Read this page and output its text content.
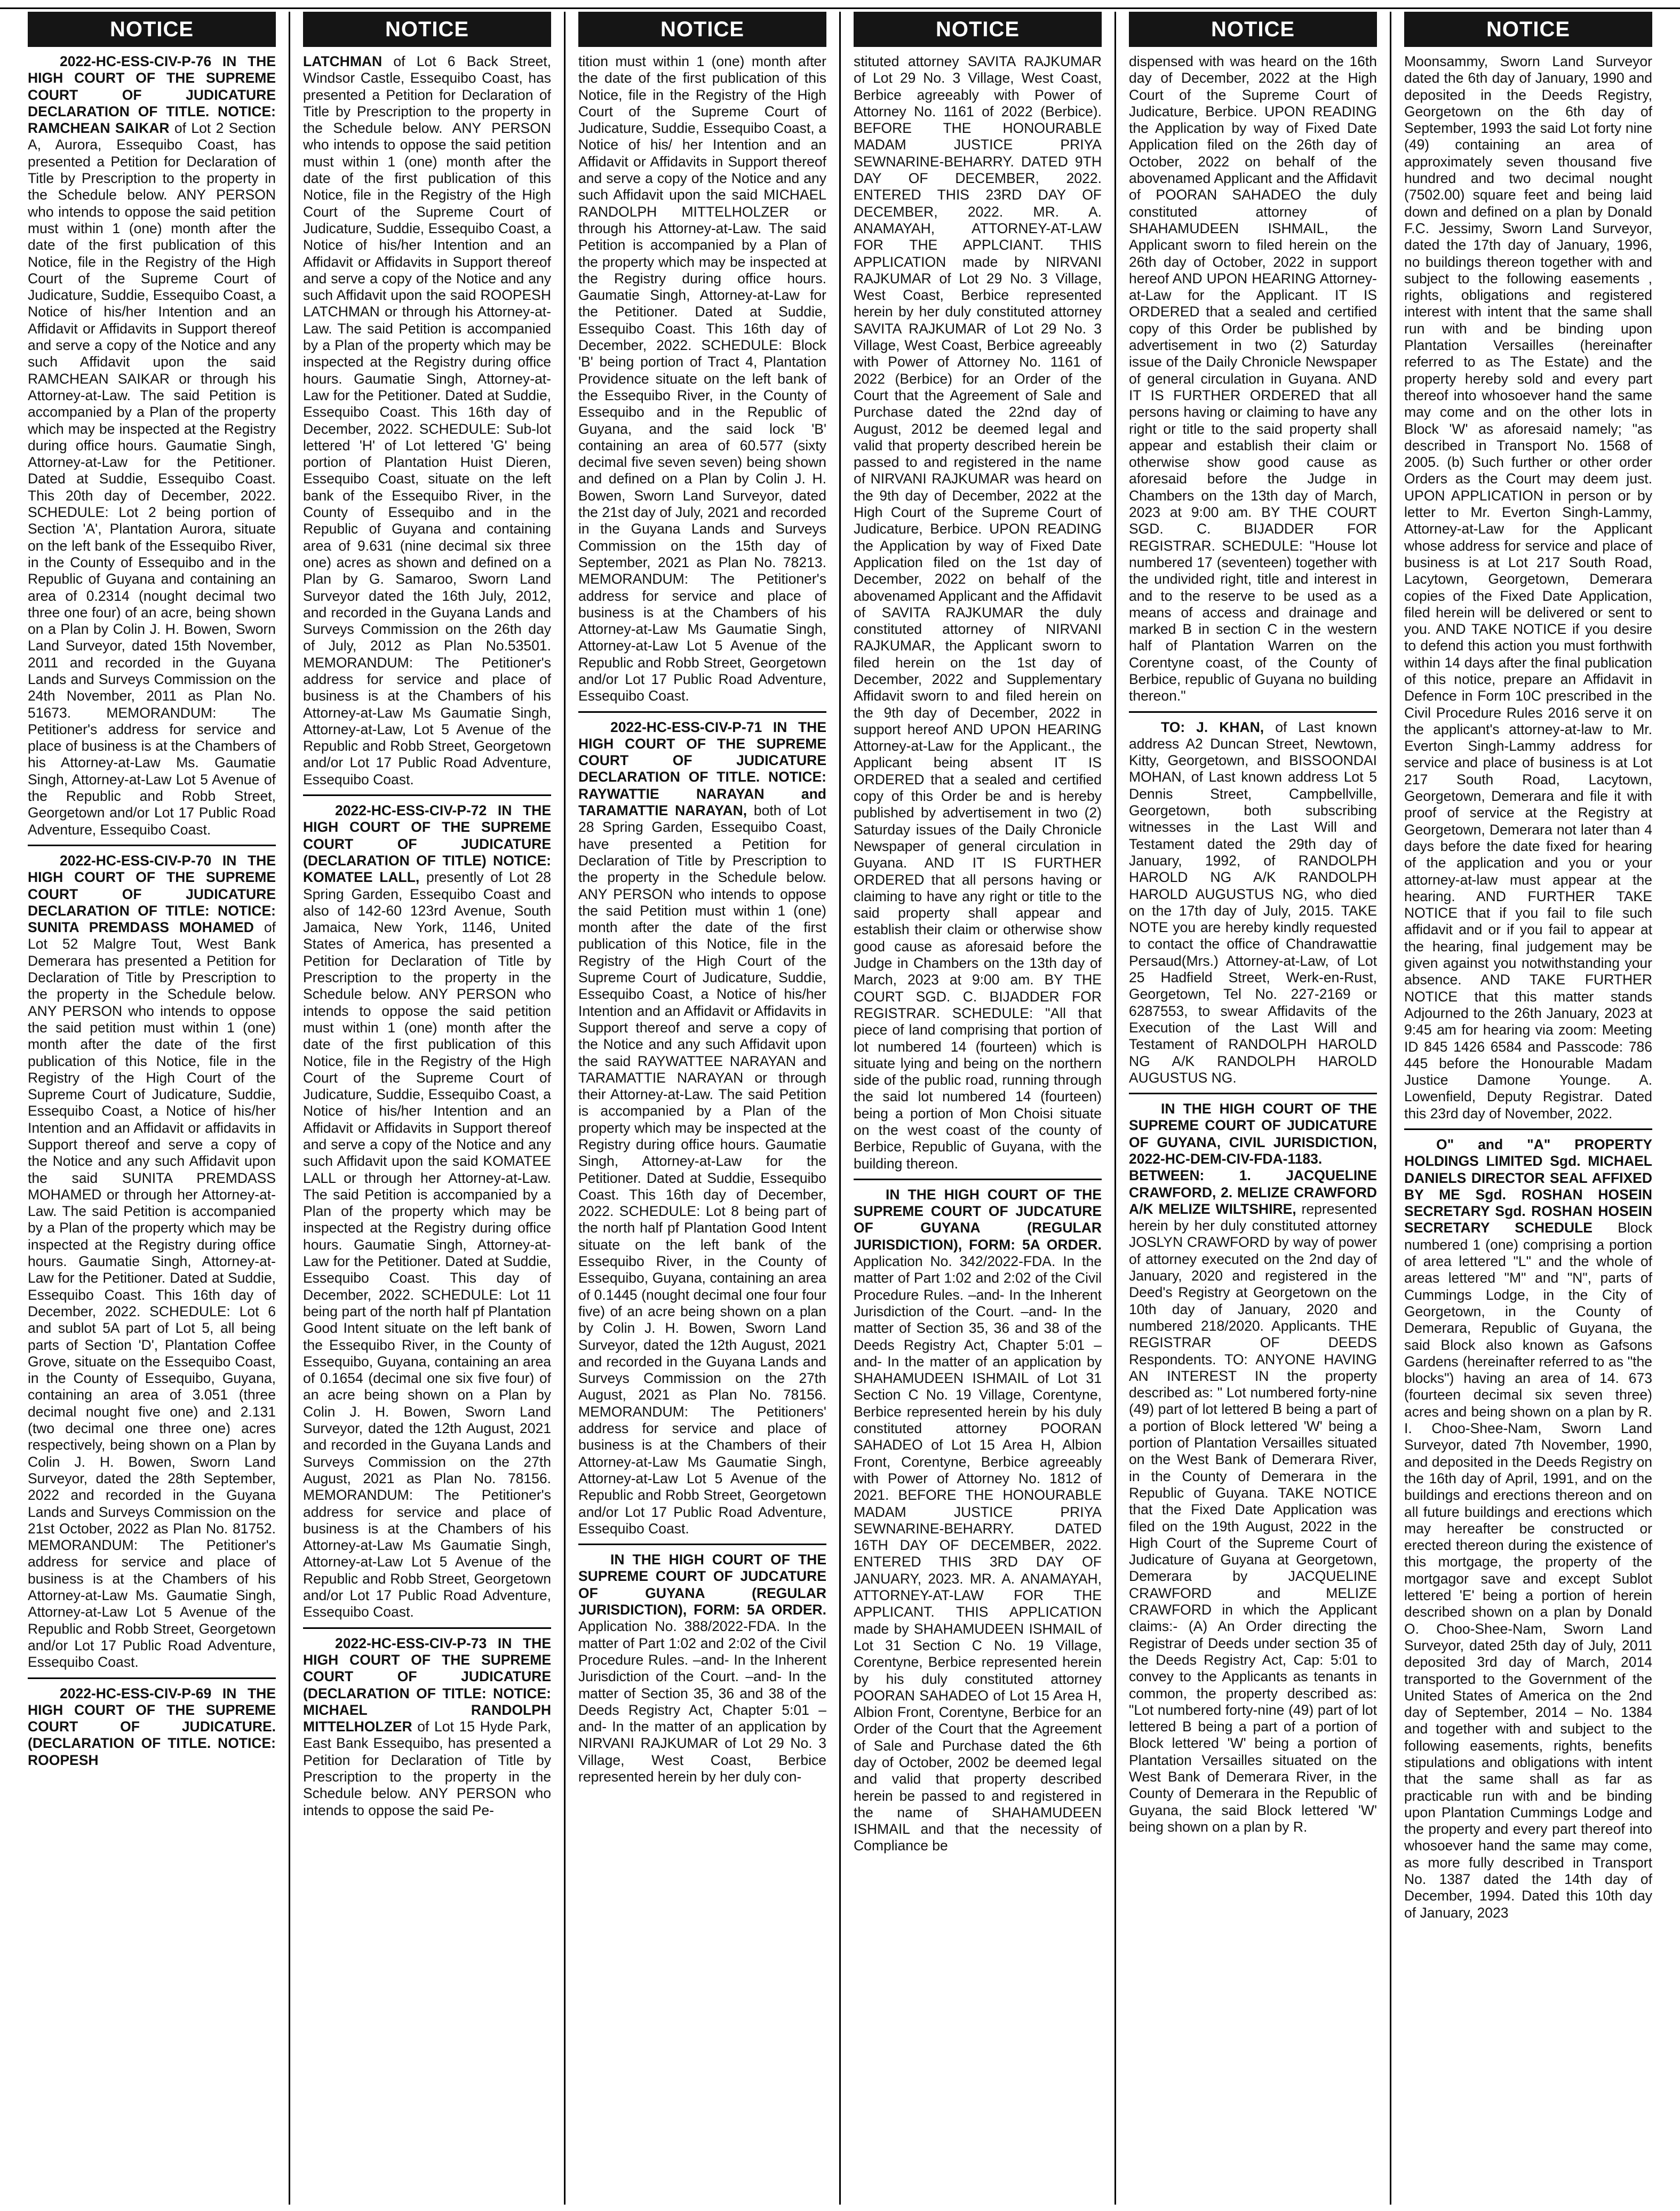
NOTICE

2022-HC-ESS-CIV-P-76 IN THE HIGH COURT OF THE SUPREME COURT OF JUDICATURE DECLARATION OF TITLE. NOTICE: RAMCHEAN SAIKAR of Lot 2 Section A, Aurora, Essequibo Coast, has presented a Petition for Declaration of Title by Prescription to the property in the Schedule below. ANY PERSON who intends to oppose the said petition must within 1 (one) month after the date of the first publication of this Notice, file in the Registry of the High Court of the Supreme Court of Judicature, Suddie, Essequibo Coast, a Notice of his/her Intention and an Affidavit or Affidavits in Support thereof and serve a copy of the Notice and any such Affidavit upon the said RAMCHEAN SAIKAR or through his Attorney-at-Law. The said Petition is accompanied by a Plan of the property which may be inspected at the Registry during office hours. Gaumatie Singh, Attorney-at-Law for the Petitioner. Dated at Suddie, Essequibo Coast. This 20th day of December, 2022. SCHEDULE: Lot 2 being portion of Section 'A', Plantation Aurora, situate on the left bank of the Essequibo River, in the County of Essequibo and in the Republic of Guyana and containing an area of 0.2314 (nought decimal two three one four) of an acre, being shown on a Plan by Colin J. H. Bowen, Sworn Land Surveyor, dated 15th November, 2011 and recorded in the Guyana Lands and Surveys Commission on the 24th November, 2011 as Plan No. 51673. MEMORANDUM: The Petitioner's address for service and place of business is at the Chambers of his Attorney-at-Law Ms. Gaumatie Singh, Attorney-at-Law Lot 5 Avenue of the Republic and Robb Street, Georgetown and/or Lot 17 Public Road Adventure, Essequibo Coast.

2022-HC-ESS-CIV-P-70 IN THE HIGH COURT OF THE SUPREME COURT OF JUDICATURE DECLARATION OF TITLE: NOTICE: SUNITA PREMDASS MOHAMED of Lot 52 Malgre Tout, West Bank Demerara has presented a Petition for Declaration of Title by Prescription to the property in the Schedule below. ANY PERSON who intends to oppose the said petition must within 1 (one) month after the date of the first publication of this Notice, file in the Registry of the High Court of the Supreme Court of Judicature, Suddie, Essequibo Coast, a Notice of his/her Intention and an Affidavit or affidavits in Support thereof and serve a copy of the Notice and any such Affidavit upon the said SUNITA PREMDASS MOHAMED or through her Attorney-at-Law. The said Petition is accompanied by a Plan of the property which may be inspected at the Registry during office hours. Gaumatie Singh, Attorney-at-Law for the Petitioner. Dated at Suddie, Essequibo Coast. This 16th day of December, 2022. SCHEDULE: Lot 6 and sublot 5A part of Lot 5, all being parts of Section 'D', Plantation Coffee Grove, situate on the Essequibo Coast, in the County of Essequibo, Guyana, containing an area of 3.051 (three decimal nought five one) and 2.131 (two decimal one three one) acres respectively, being shown on a Plan by Colin J. H. Bowen, Sworn Land Surveyor, dated the 28th September, 2022 and recorded in the Guyana Lands and Surveys Commission on the 21st October, 2022 as Plan No. 81752. MEMORANDUM: The Petitioner's address for service and place of business is at the Chambers of his Attorney-at-Law Ms. Gaumatie Singh, Attorney-at-Law Lot 5 Avenue of the Republic and Robb Street, Georgetown and/or Lot 17 Public Road Adventure, Essequibo Coast.

2022-HC-ESS-CIV-P-69 IN THE HIGH COURT OF THE SUPREME COURT OF JUDICATURE.(DECLARATION OF TITLE. NOTICE: ROOPESH

NOTICE

LATCHMAN of Lot 6 Back Street, Windsor Castle, Essequibo Coast, has presented a Petition for Declaration of Title by Prescription to the property in the Schedule below. ANY PERSON who intends to oppose the said petition must within 1 (one) month after the date of the first publication of this Notice, file in the Registry of the High Court of the Supreme Court of Judicature, Suddie, Essequibo Coast, a Notice of his/her Intention and an Affidavit or Affidavits in Support thereof and serve a copy of the Notice and any such Affidavit upon the said ROOPESH LATCHMAN or through his Attorney-at-Law. The said Petition is accompanied by a Plan of the property which may be inspected at the Registry during office hours. Gaumatie Singh, Attorney-at-Law for the Petitioner. Dated at Suddie, Essequibo Coast. This 16th day of December, 2022. SCHEDULE: Sub-lot lettered 'H' of Lot lettered 'G' being portion of Plantation Huist Dieren, Essequibo Coast, situate on the left bank of the Essequibo River, in the County of Essequibo and in the Republic of Guyana and containing area of 9.631 (nine decimal six three one) acres as shown and defined on a Plan by G. Samaroo, Sworn Land Surveyor dated the 16th July, 2012, and recorded in the Guyana Lands and Surveys Commission on the 26th day of July, 2012 as Plan No.53501. MEMORANDUM: The Petitioner's address for service and place of business is at the Chambers of his Attorney-at-Law Ms Gaumatie Singh, Attorney-at-Law, Lot 5 Avenue of the Republic and Robb Street, Georgetown and/or Lot 17 Public Road Adventure, Essequibo Coast.

2022-HC-ESS-CIV-P-72 IN THE HIGH COURT OF THE SUPREME COURT OF JUDICATURE (DECLARATION OF TITLE) NOTICE: KOMATEE LALL, presently of Lot 28 Spring Garden, Essequibo Coast and also of 142-60 123rd Avenue, South Jamaica, New York, 1146, United States of America, has presented a Petition for Declaration of Title by Prescription to the property in the Schedule below. ANY PERSON who intends to oppose the said petition must within 1 (one) month after the date of the first publication of this Notice, file in the Registry of the High Court of the Supreme Court of Judicature, Suddie, Essequibo Coast, a Notice of his/her Intention and an Affidavit or Affidavits in Support thereof and serve a copy of the Notice and any such Affidavit upon the said KOMATEE LALL or through her Attorney-at-Law. The said Petition is accompanied by a Plan of the property which may be inspected at the Registry during office hours. Gaumatie Singh, Attorney-at-Law for the Petitioner. Dated at Suddie, Essequibo Coast. This day of December, 2022. SCHEDULE: Lot 11 being part of the north half pf Plantation Good Intent situate on the left bank of the Essequibo River, in the County of Essequibo, Guyana, containing an area of 0.1654 (decimal one six five four) of an acre being shown on a Plan by Colin J. H. Bowen, Sworn Land Surveyor, dated the 12th August, 2021 and recorded in the Guyana Lands and Surveys Commission on the 27th August, 2021 as Plan No. 78156. MEMORANDUM: The Petitioner's address for service and place of business is at the Chambers of his Attorney-at-Law Ms Gaumatie Singh, Attorney-at-Law Lot 5 Avenue of the Republic and Robb Street, Georgetown and/or Lot 17 Public Road Adventure, Essequibo Coast.

2022-HC-ESS-CIV-P-73 IN THE HIGH COURT OF THE SUPREME COURT OF JUDICATURE (DECLARATION OF TITLE: NOTICE: MICHAEL RANDOLPH MITTELHOLZER of Lot 15 Hyde Park, East Bank Essequibo, has presented a Petition for Declaration of Title by Prescription to the property in the Schedule below. ANY PERSON who intends to oppose the said Pe-

NOTICE

tition must within 1 (one) month after the date of the first publication of this Notice, file in the Registry of the High Court of the Supreme Court of Judicature, Suddie, Essequibo Coast, a Notice of his/ her Intention and an Affidavit or Affidavits in Support thereof and serve a copy of the Notice and any such Affidavit upon the said MICHAEL RANDOLPH MITTELHOLZER or through his Attorney-at-Law. The said Petition is accompanied by a Plan of the property which may be inspected at the Registry during office hours. Gaumatie Singh, Attorney-at-Law for the Petitioner. Dated at Suddie, Essequibo Coast. This 16th day of December, 2022. SCHEDULE: Block 'B' being portion of Tract 4, Plantation Providence situate on the left bank of the Essequibo River, in the County of Essequibo and in the Republic of Guyana, and the said lock 'B' containing an area of 60.577 (sixty decimal five seven seven) being shown and defined on a Plan by Colin J. H. Bowen, Sworn Land Surveyor, dated the 21st day of July, 2021 and recorded in the Guyana Lands and Surveys Commission on the 15th day of September, 2021 as Plan No. 78213. MEMORANDUM: The Petitioner's address for service and place of business is at the Chambers of his Attorney-at-Law Ms Gaumatie Singh, Attorney-at-Law Lot 5 Avenue of the Republic and Robb Street, Georgetown and/or Lot 17 Public Road Adventure, Essequibo Coast.

2022-HC-ESS-CIV-P-71 IN THE HIGH COURT OF THE SUPREME COURT OF JUDICATURE DECLARATION OF TITLE. NOTICE: RAYWATTIE NARAYAN and TARAMATTIE NARAYAN, both of Lot 28 Spring Garden, Essequibo Coast, have presented a Petition for Declaration of Title by Prescription to the property in the Schedule below. ANY PERSON who intends to oppose the said Petition must within 1 (one) month after the date of the first publication of this Notice, file in the Registry of the High Court of the Supreme Court of Judicature, Suddie, Essequibo Coast, a Notice of his/her Intention and an Affidavit or Affidavits in Support thereof and serve a copy of the Notice and any such Affidavit upon the said RAYWATTEE NARAYAN and TARAMATTIE NARAYAN or through their Attorney-at-Law. The said Petition is accompanied by a Plan of the property which may be inspected at the Registry during office hours. Gaumatie Singh, Attorney-at-Law for the Petitioner. Dated at Suddie, Essequibo Coast. This 16th day of December, 2022. SCHEDULE: Lot 8 being part of the north half pf Plantation Good Intent situate on the left bank of the Essequibo River, in the County of Essequibo, Guyana, containing an area of 0.1445 (nought decimal one four four five) of an acre being shown on a plan by Colin J. H. Bowen, Sworn Land Surveyor, dated the 12th August, 2021 and recorded in the Guyana Lands and Surveys Commission on the 27th August, 2021 as Plan No. 78156. MEMORANDUM: The Petitioners' address for service and place of business is at the Chambers of their Attorney-at-Law Ms Gaumatie Singh, Attorney-at-Law Lot 5 Avenue of the Republic and Robb Street, Georgetown and/or Lot 17 Public Road Adventure, Essequibo Coast.

IN THE HIGH COURT OF THE SUPREME COURT OF JUDCATURE OF GUYANA (REGULAR JURISDICTION), FORM: 5A ORDER. Application No. 388/2022-FDA. In the matter of Part 1:02 and 2:02 of the Civil Procedure Rules. –and- In the Inherent Jurisdiction of the Court. –and- In the matter of Section 35, 36 and 38 of the Deeds Registry Act, Chapter 5:01 –and- In the matter of an application by NIRVANI RAJKUMAR of Lot 29 No. 3 Village, West Coast, Berbice represented herein by her duly con-

NOTICE

stituted attorney SAVITA RAJKUMAR of Lot 29 No. 3 Village, West Coast, Berbice agreeably with Power of Attorney No. 1161 of 2022 (Berbice). BEFORE THE HONOURABLE MADAM JUSTICE PRIYA SEWNARINE-BEHARRY. DATED 9TH DAY OF DECEMBER, 2022. ENTERED THIS 23RD DAY OF DECEMBER, 2022. MR. A. ANAMAYAH, ATTORNEY-AT-LAW FOR THE APPLCIANT. THIS APPLICATION made by NIRVANI RAJKUMAR of Lot 29 No. 3 Village, West Coast, Berbice represented herein by her duly constituted attorney SAVITA RAJKUMAR of Lot 29 No. 3 Village, West Coast, Berbice agreeably with Power of Attorney No. 1161 of 2022 (Berbice) for an Order of the Court that the Agreement of Sale and Purchase dated the 22nd day of August, 2012 be deemed legal and valid that property described herein be passed to and registered in the name of NIRVANI RAJKUMAR was heard on the 9th day of December, 2022 at the High Court of the Supreme Court of Judicature, Berbice. UPON READING the Application by way of Fixed Date Application filed on the 1st day of December, 2022 on behalf of the abovenamed Applicant and the Affidavit of SAVITA RAJKUMAR the duly constituted attorney of NIRVANI RAJKUMAR, the Applicant sworn to filed herein on the 1st day of December, 2022 and Supplementary Affidavit sworn to and filed herein on the 9th day of December, 2022 in support hereof AND UPON HEARING Attorney-at-Law for the Applicant., the Applicant being absent IT IS ORDERED that a sealed and certified copy of this Order be and is hereby published by advertisement in two (2) Saturday issues of the Daily Chronicle Newspaper of general circulation in Guyana. AND IT IS FURTHER ORDERED that all persons having or claiming to have any right or title to the said property shall appear and establish their claim or otherwise show good cause as aforesaid before the Judge in Chambers on the 13th day of March, 2023 at 9:00 am. BY THE COURT SGD. C. BIJADDER FOR REGISTRAR. SCHEDULE: "All that piece of land comprising that portion of lot numbered 14 (fourteen) which is situate lying and being on the northern side of the public road, running through the said lot numbered 14 (fourteen) being a portion of Mon Choisi situate on the west coast of the county of Berbice, Republic of Guyana, with the building thereon.

IN THE HIGH COURT OF THE SUPREME COURT OF JUDCATURE OF GUYANA (REGULAR JURISDICTION), FORM: 5A ORDER. Application No. 342/2022-FDA. In the matter of Part 1:02 and 2:02 of the Civil Procedure Rules. –and- In the Inherent Jurisdiction of the Court. –and- In the matter of Section 35, 36 and 38 of the Deeds Registry Act, Chapter 5:01 –and- In the matter of an application by SHAHAMUDEEN ISHMAIL of Lot 31 Section C No. 19 Village, Corentyne, Berbice represented herein by his duly constituted attorney POORAN SAHADEO of Lot 15 Area H, Albion Front, Corentyne, Berbice agreeably with Power of Attorney No. 1812 of 2021. BEFORE THE HONOURABLE MADAM JUSTICE PRIYA SEWNARINE-BEHARRY. DATED 16TH DAY OF DECEMBER, 2022. ENTERED THIS 3RD DAY OF JANUARY, 2023. MR. A. ANAMAYAH, ATTORNEY-AT-LAW FOR THE APPLICANT. THIS APPLICATION made by SHAHAMUDEEN ISHMAIL of Lot 31 Section C No. 19 Village, Corentyne, Berbice represented herein by his duly constituted attorney POORAN SAHADEO of Lot 15 Area H, Albion Front, Corentyne, Berbice for an Order of the Court that the Agreement of Sale and Purchase dated the 6th day of October, 2002 be deemed legal and valid that property described herein be passed to and registered in the name of SHAHAMUDEEN ISHMAIL and that the necessity of Compliance be

NOTICE

dispensed with was heard on the 16th day of December, 2022 at the High Court of the Supreme Court of Judicature, Berbice. UPON READING the Application by way of Fixed Date Application filed on the 26th day of October, 2022 on behalf of the abovenamed Applicant and the Affidavit of POORAN SAHADEO the duly constituted attorney of SHAHAMUDEEN ISHMAIL, the Applicant sworn to filed herein on the 26th day of October, 2022 in support hereof AND UPON HEARING Attorney-at-Law for the Applicant. IT IS ORDERED that a sealed and certified copy of this Order be published by advertisement in two (2) Saturday issue of the Daily Chronicle Newspaper of general circulation in Guyana. AND IT IS FURTHER ORDERED that all persons having or claiming to have any right or title to the said property shall appear and establish their claim or otherwise show good cause as aforesaid before the Judge in Chambers on the 13th day of March, 2023 at 9:00 am. BY THE COURT SGD. C. BIJADDER FOR REGISTRAR. SCHEDULE: "House lot numbered 17 (seventeen) together with the undivided right, title and interest in and to the reserve to be used as a means of access and drainage and marked B in section C in the western half of Plantation Warren on the Corentyne coast, of the County of Berbice, republic of Guyana no building thereon."

TO: J. KHAN, of Last known address A2 Duncan Street, Newtown, Kitty, Georgetown, and BISSOONDAI MOHAN, of Last known address Lot 5 Dennis Street, Campbellville, Georgetown, both subscribing witnesses in the Last Will and Testament dated the 29th day of January, 1992, of RANDOLPH HAROLD NG A/K RANDOLPH HAROLD AUGUSTUS NG, who died on the 17th day of July, 2015. TAKE NOTE you are hereby kindly requested to contact the office of Chandrawattie Persaud(Mrs.) Attorney-at-Law, of Lot 25 Hadfield Street, Werk-en-Rust, Georgetown, Tel No. 227-2169 or 6287553, to swear Affidavits of the Execution of the Last Will and Testament of RANDOLPH HAROLD NG A/K RANDOLPH HAROLD AUGUSTUS NG.

IN THE HIGH COURT OF THE SUPREME COURT OF JUDICATURE OF GUYANA, CIVIL JURISDICTION, 2022-HC-DEM-CIV-FDA-1183. BETWEEN: 1. JACQUELINE CRAWFORD, 2. MELIZE CRAWFORD A/K MELIZE WILTSHIRE, represented herein by her duly constituted attorney JOSLYN CRAWFORD by way of power of attorney executed on the 2nd day of January, 2020 and registered in the Deed's Registry at Georgetown on the 10th day of January, 2020 and numbered 218/2020. Applicants. THE REGISTRAR OF DEEDS Respondents. TO: ANYONE HAVING AN INTEREST IN the property described as: " Lot numbered forty-nine (49) part of lot lettered B being a part of a portion of Block lettered 'W' being a portion of Plantation Versailles situated on the West Bank of Demerara River, in the County of Demerara in the Republic of Guyana. TAKE NOTICE that the Fixed Date Application was filed on the 19th August, 2022 in the High Court of the Supreme Court of Judicature of Guyana at Georgetown, Demerara by JACQUELINE CRAWFORD and MELIZE CRAWFORD in which the Applicant claims:- (A) An Order directing the Registrar of Deeds under section 35 of the Deeds Registry Act, Cap: 5:01 to convey to the Applicants as tenants in common, the property described as: "Lot numbered forty-nine (49) part of lot lettered B being a part of a portion of Block lettered 'W' being a portion of Plantation Versailles situated on the West Bank of Demerara River, in the County of Demerara in the Republic of Guyana, the said Block lettered 'W' being shown on a plan by R.

NOTICE

Moonsammy, Sworn Land Surveyor dated the 6th day of January, 1990 and deposited in the Deeds Registry, Georgetown on the 6th day of September, 1993 the said Lot forty nine (49) containing an area of approximately seven thousand five hundred and two decimal nought (7502.00) square feet and being laid down and defined on a plan by Donald F.C. Jessimy, Sworn Land Surveyor, dated the 17th day of January, 1996, no buildings thereon together with and subject to the following easements , rights, obligations and registered interest with intent that the same shall run with and be binding upon Plantation Versailles (hereinafter referred to as The Estate) and the property hereby sold and every part thereof into whosoever hand the same may come and on the other lots in Block 'W' as aforesaid namely; "as described in Transport No. 1568 of 2005. (b) Such further or other order Orders as the Court may deem just. UPON APPLICATION in person or by letter to Mr. Everton Singh-Lammy, Attorney-at-Law for the Applicant whose address for service and place of business is at Lot 217 South Road, Lacytown, Georgetown, Demerara copies of the Fixed Date Application, filed herein will be delivered or sent to you. AND TAKE NOTICE if you desire to defend this action you must forthwith within 14 days after the final publication of this notice, prepare an Affidavit in Defence in Form 10C prescribed in the Civil Procedure Rules 2016 serve it on the applicant's attorney-at-law to Mr. Everton Singh-Lammy address for service and place of business is at Lot 217 South Road, Lacytown, Georgetown, Demerara and file it with proof of service at the Registry at Georgetown, Demerara not later than 4 days before the date fixed for hearing of the application and you or your attorney-at-law must appear at the hearing. AND FURTHER TAKE NOTICE that if you fail to file such affidavit and or if you fail to appear at the hearing, final judgement may be given against you notwithstanding your absence. AND TAKE FURTHER NOTICE that this matter stands Adjourned to the 26th January, 2023 at 9:45 am for hearing via zoom: Meeting ID 845 1426 6584 and Passcode: 786 445 before the Honourable Madam Justice Damone Younge. A. Lowenfield, Deputy Registrar. Dated this 23rd day of November, 2022.

O" and "A" PROPERTY HOLDINGS LIMITED Sgd. MICHAEL DANIELS DIRECTOR SEAL AFFIXED BY ME Sgd. ROSHAN HOSEIN SECRETARY Sgd. ROSHAN HOSEIN SECRETARY SCHEDULE Block numbered 1 (one) comprising a portion of area lettered "L" and the whole of areas lettered "M" and "N", parts of Cummings Lodge, in the City of Georgetown, in the County of Demerara, Republic of Guyana, the said Block also known as Gafsons Gardens (hereinafter referred to as "the blocks") having an area of 14. 673 (fourteen decimal six seven three) acres and being shown on a plan by R. I. Choo-Shee-Nam, Sworn Land Surveyor, dated 7th November, 1990, and deposited in the Deeds Registry on the 16th day of April, 1991, and on the buildings and erections thereon and on all future buildings and erections which may hereafter be constructed or erected thereon during the existence of this mortgage, the property of the mortgagor save and except Sublot lettered 'E' being a portion of herein described shown on a plan by Donald O. Choo-Shee-Nam, Sworn Land Surveyor, dated 25th day of July, 2011 deposited 3rd day of March, 2014 transported to the Government of the United States of America on the 2nd day of September, 2014 – No. 1384 and together with and subject to the following easements, rights, benefits stipulations and obligations with intent that the same shall as far as practicable run with and be binding upon Plantation Cummings Lodge and the property and every part thereof into whosoever hand the same may come, as more fully described in Transport No. 1387 dated the 14th day of December, 1994. Dated this 10th day of January, 2023
